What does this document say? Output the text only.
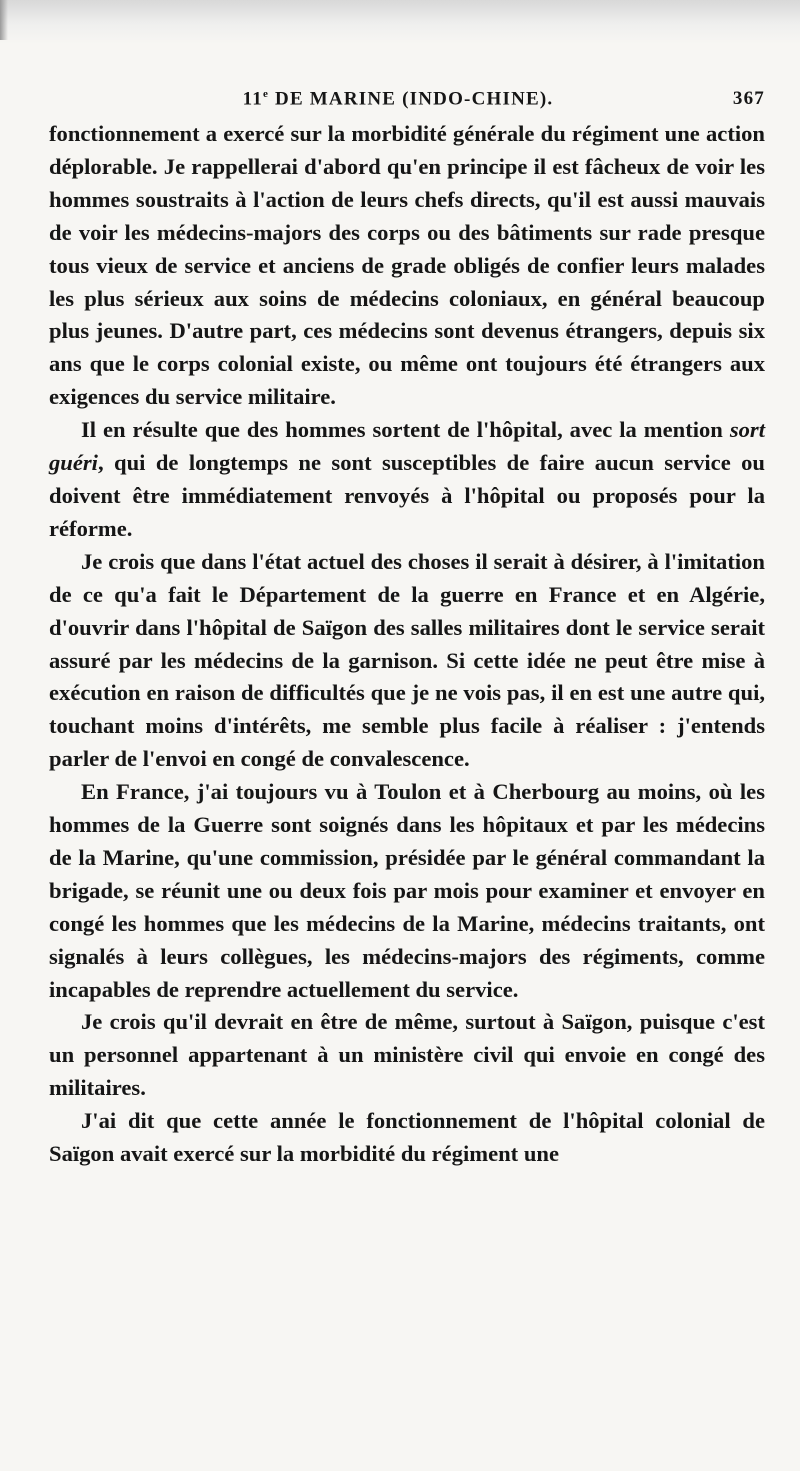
11e DE MARINE (INDO-CHINE).	367

fonctionnement a exercé sur la morbidité générale du régiment une action déplorable. Je rappellerai d'abord qu'en principe il est fâcheux de voir les hommes soustraits à l'action de leurs chefs directs, qu'il est aussi mauvais de voir les médecins-majors des corps ou des bâtiments sur rade presque tous vieux de service et anciens de grade obligés de confier leurs malades les plus sérieux aux soins de médecins coloniaux, en général beaucoup plus jeunes. D'autre part, ces médecins sont devenus étrangers, depuis six ans que le corps colonial existe, ou même ont toujours été étrangers aux exigences du service militaire.

Il en résulte que des hommes sortent de l'hôpital, avec la mention sort guéri, qui de longtemps ne sont susceptibles de faire aucun service ou doivent être immédiatement renvoyés à l'hôpital ou proposés pour la réforme.

Je crois que dans l'état actuel des choses il serait à désirer, à l'imitation de ce qu'a fait le Département de la guerre en France et en Algérie, d'ouvrir dans l'hôpital de Saïgon des salles militaires dont le service serait assuré par les médecins de la garnison. Si cette idée ne peut être mise à exécution en raison de difficultés que je ne vois pas, il en est une autre qui, touchant moins d'intérêts, me semble plus facile à réaliser : j'entends parler de l'envoi en congé de convalescence.

En France, j'ai toujours vu à Toulon et à Cherbourg au moins, où les hommes de la Guerre sont soignés dans les hôpitaux et par les médecins de la Marine, qu'une commission, présidée par le général commandant la brigade, se réunit une ou deux fois par mois pour examiner et envoyer en congé les hommes que les médecins de la Marine, médecins traitants, ont signalés à leurs collègues, les médecins-majors des régiments, comme incapables de reprendre actuellement du service.

Je crois qu'il devrait en être de même, surtout à Saïgon, puisque c'est un personnel appartenant à un ministère civil qui envoie en congé des militaires.

J'ai dit que cette année le fonctionnement de l'hôpital colonial de Saïgon avait exercé sur la morbidité du régiment une
